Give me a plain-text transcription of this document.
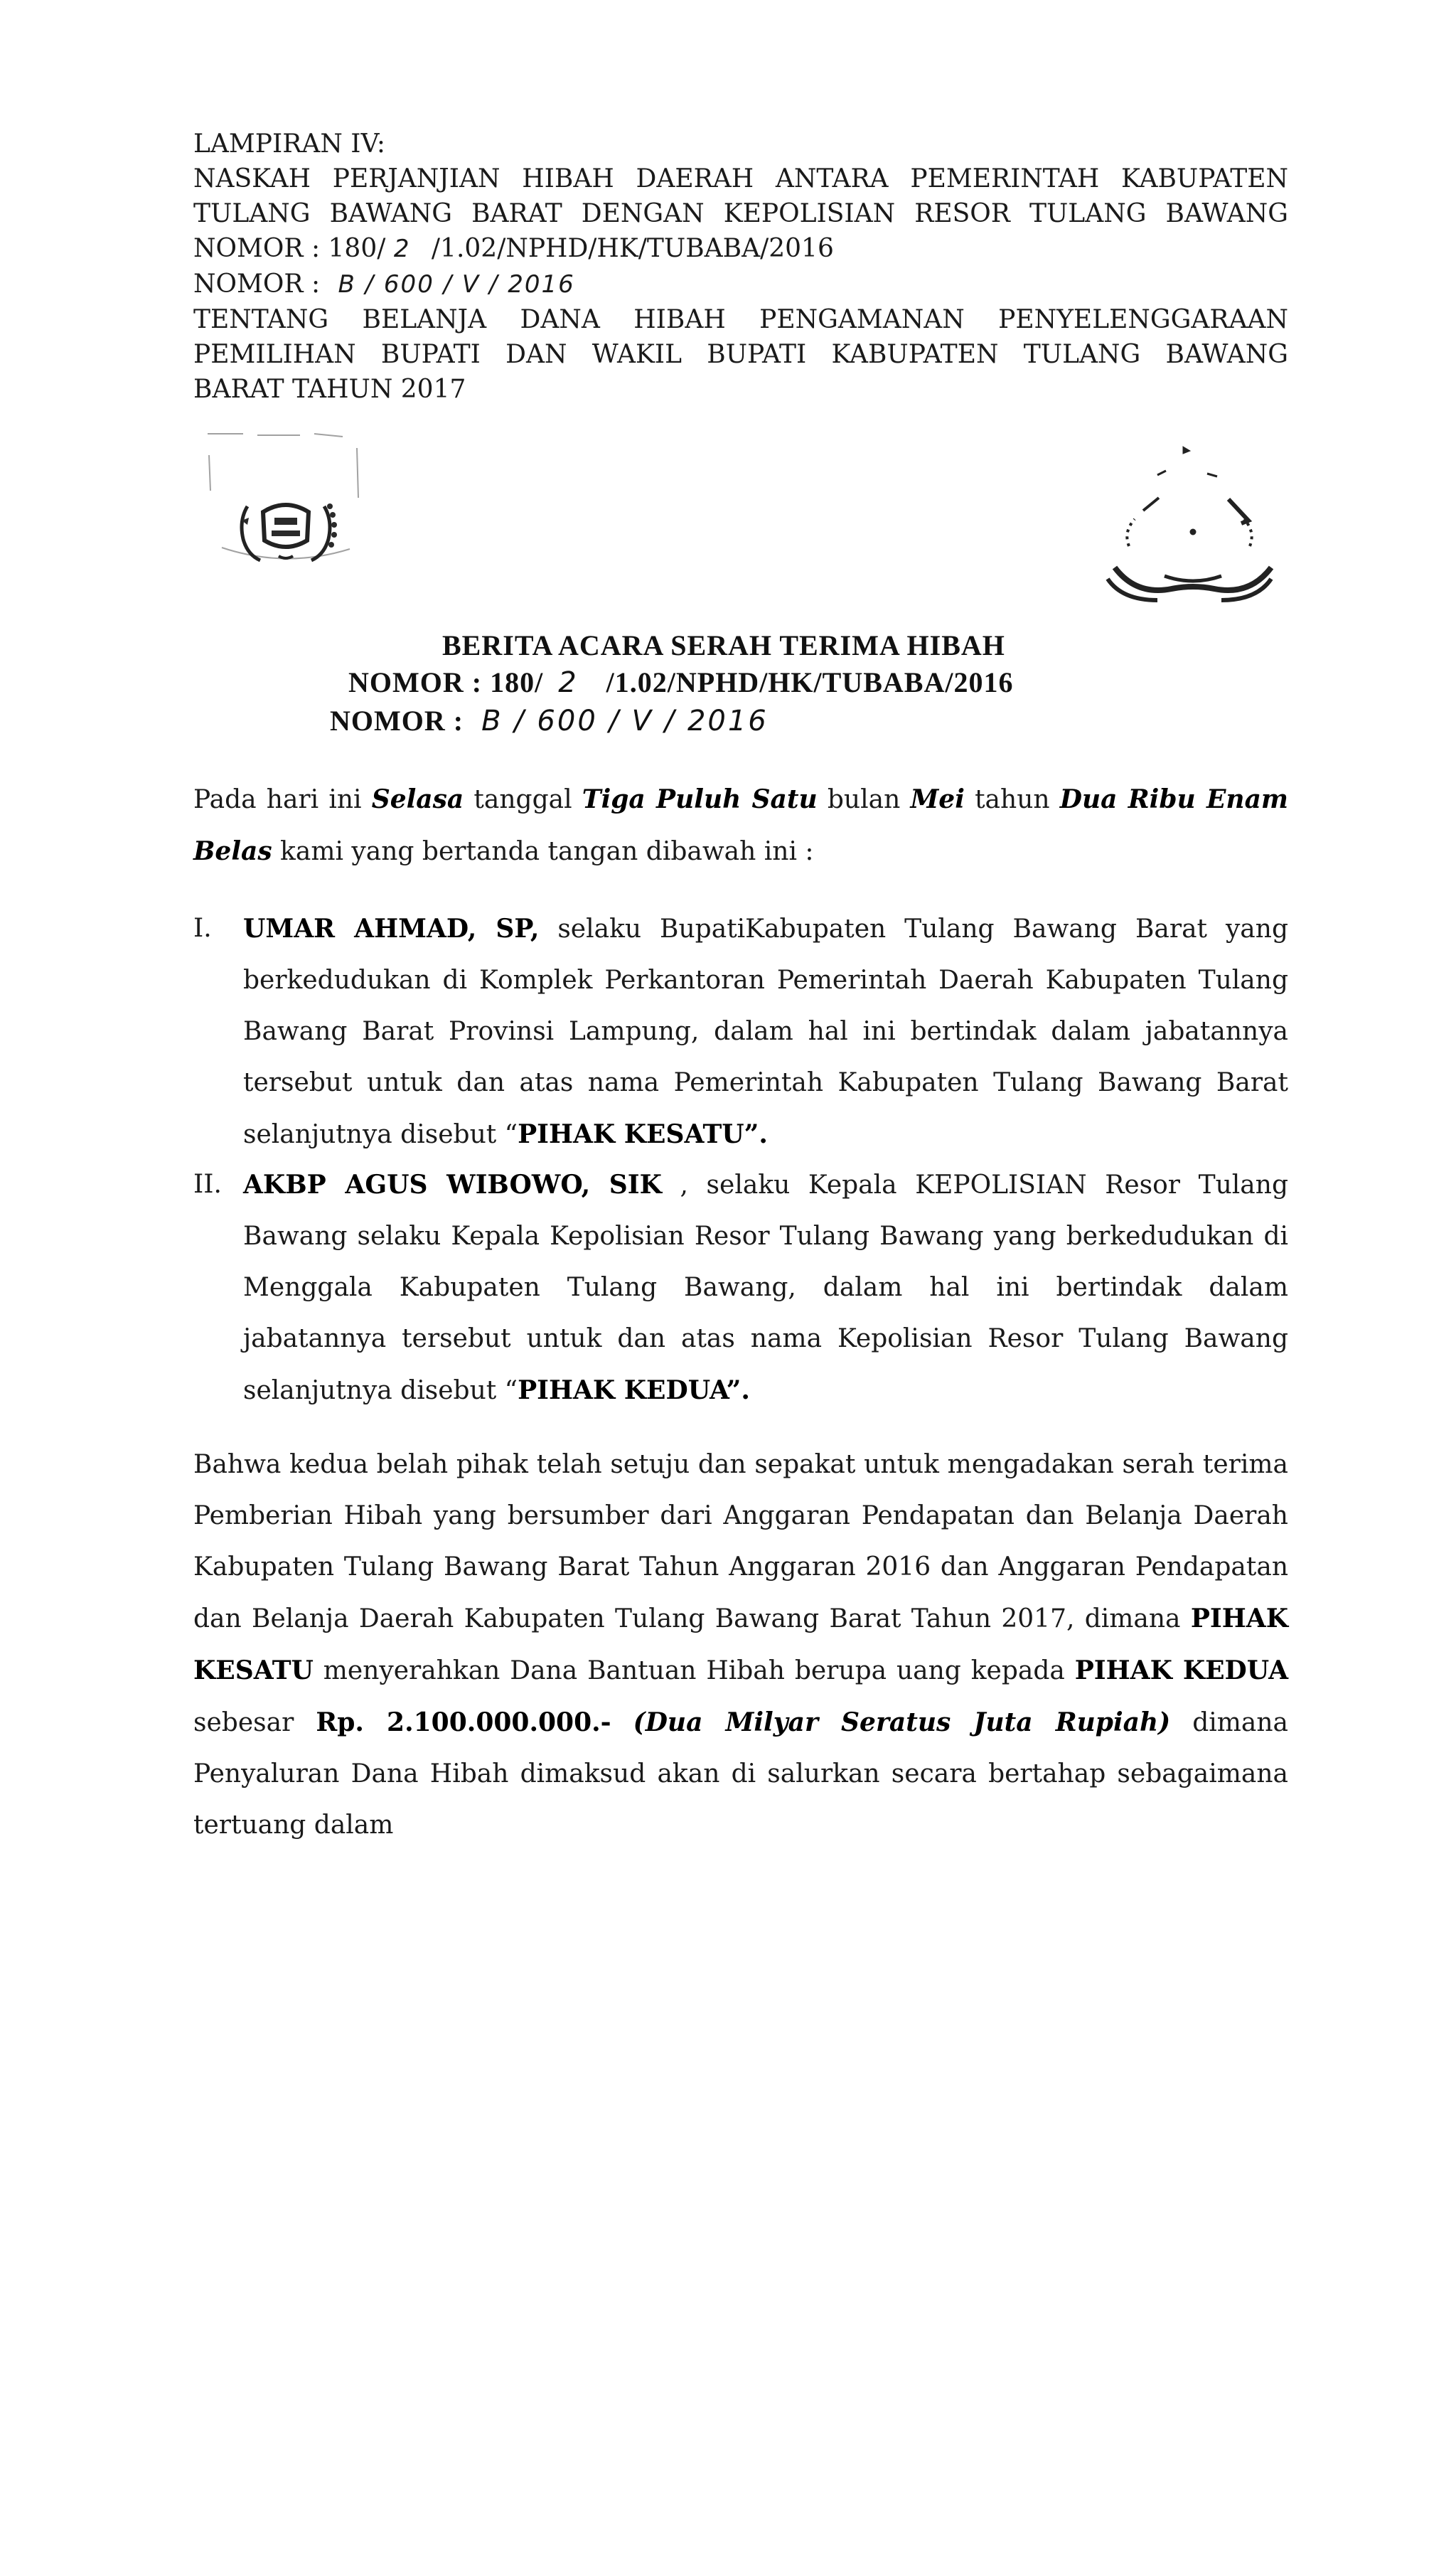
LAMPIRAN IV:
NASKAH PERJANJIAN HIBAH DAERAH ANTARA PEMERINTAH KABUPATEN
TULANG BAWANG BARAT DENGAN KEPOLISIAN RESOR TULANG BAWANG
NOMOR : 180/ 2 /1.02/NPHD/HK/TUBABA/2016
NOMOR : B / 600 / V / 2016
TENTANG BELANJA DANA HIBAH PENGAMANAN PENYELENGGARAAN
PEMILIHAN BUPATI DAN WAKIL BUPATI KABUPATEN TULANG BAWANG
BARAT TAHUN 2017
BERITA ACARA SERAH TERIMA HIBAH
NOMOR : 180/ 2 /1.02/NPHD/HK/TUBABA/2016
NOMOR : B / 600 / V / 2016
Pada hari ini Selasa tanggal Tiga Puluh Satu bulan Mei tahun Dua Ribu Enam Belas kami yang bertanda tangan dibawah ini :
I.	UMAR AHMAD, SP, selaku BupatiKabupaten Tulang Bawang Barat yang berkedudukan di Komplek Perkantoran Pemerintah Daerah Kabupaten Tulang Bawang Barat Provinsi Lampung, dalam hal ini bertindak dalam jabatannya tersebut untuk dan atas nama Pemerintah Kabupaten Tulang Bawang Barat selanjutnya disebut “PIHAK KESATU”.
II. AKBP AGUS WIBOWO, SIK , selaku Kepala KEPOLISIAN Resor Tulang Bawang selaku Kepala Kepolisian Resor Tulang Bawang yang berkedudukan di Menggala Kabupaten Tulang Bawang, dalam hal ini bertindak dalam jabatannya tersebut untuk dan atas nama Kepolisian Resor Tulang Bawang selanjutnya disebut “PIHAK KEDUA”.
Bahwa kedua belah pihak telah setuju dan sepakat untuk mengadakan serah terima Pemberian Hibah yang bersumber dari Anggaran Pendapatan dan Belanja Daerah Kabupaten Tulang Bawang Barat Tahun Anggaran 2016 dan Anggaran Pendapatan dan Belanja Daerah Kabupaten Tulang Bawang Barat Tahun 2017, dimana PIHAK KESATU menyerahkan Dana Bantuan Hibah berupa uang kepada PIHAK KEDUA sebesar Rp. 2.100.000.000.- (Dua Milyar Seratus Juta Rupiah) dimana Penyaluran Dana Hibah dimaksud akan di salurkan secara bertahap sebagaimana tertuang dalam
